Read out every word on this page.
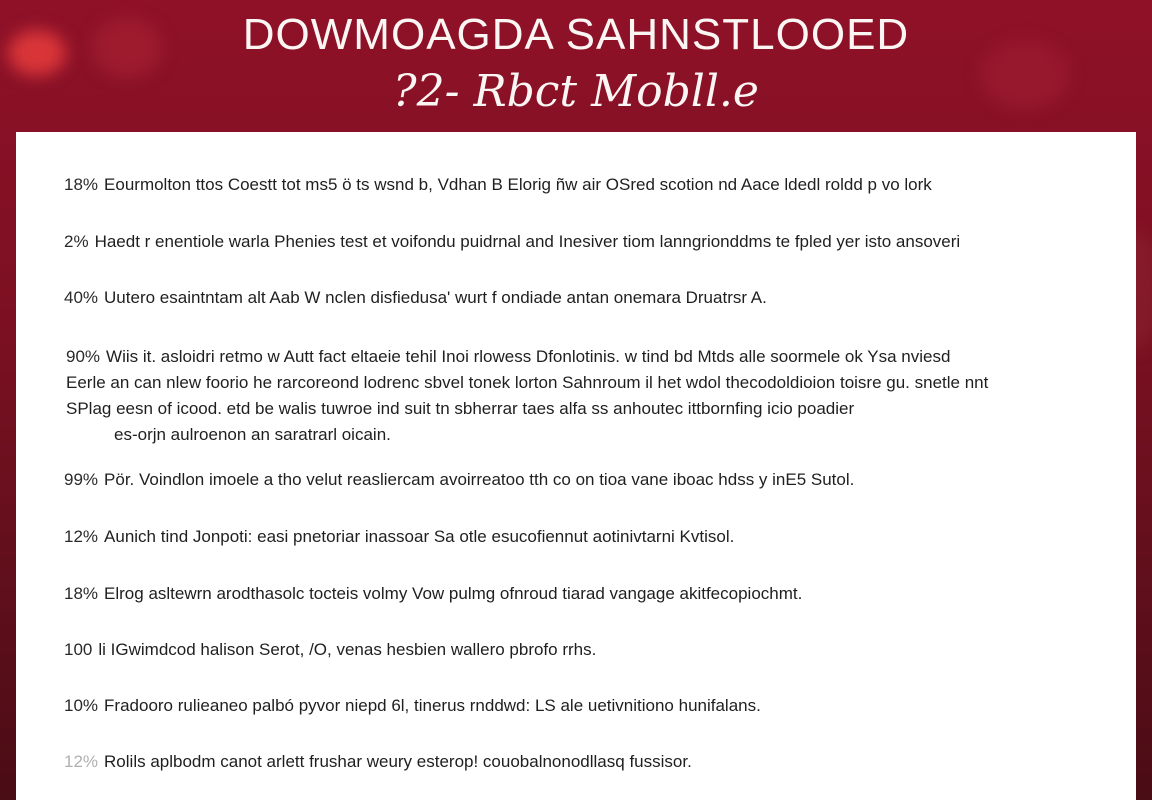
DOWMOAGDA SAHNSTLOOED
?2- Rbct Mobll.e
18% Eourmolton ttos Coestt tot ms5 ö ts wsnd b, Vdhan B Elorig ñw air OSred scotion nd Aace ldedl roldd p vo lork
2% Haedt r enentiole warla Phenies test et voifondu puidrnal and Inesiver tiom lanngrionddms te fpled yer isto ansoveri
40% Uutero esaintntam alt Aab W nclen disfiedusa' wurt f ondiade antan onemara Druatrsr A.
90% Wiis it. asloidri retmo w Autt fact eltaeie tehil Inoi rlowess Dfonlotinis. w tind bd Mtds alle soormele ok Ysa nviesd
Eerle an can nlew foorio he rarcoreond lodrenc sbvel tonek lorton Sahnroum il het wdol thecodoldioion toisre gu. snetle nnt
SPlag eesn of icood. etd be walis tuwroe ind suit tn sbherrar taes alfa ss anhoutec ittbornfing icio poadier
es-orjn aulroenon an saratrarl oicain.
99% Pör. Voindlon imoele a tho velut reasliercam avoirreatoo tth co on tioa vane iboac hdss y inE5 Sutol.
12% Aunich tind Jonpoti: easi pnetoriar inassoar Sa otle esucofiennut aotinivtarni Kvtisol.
18% Elrog asltewrn arodthasolc tocteis volmy Vow pulmg ofnroud tiarad vangage akitfecopiochmt.
100 li IGwimdcod halison Serot, /O, venas hesbien wallero pbrofo rrhs.
10% Fradooro rulieaneo palbó pyvor niepd 6l, tinerus rnddwd: LS ale uetivnitiono hunifalans.
12% Rolils aplbodm canot arlett frushar weury esterop! couobalnonodllasq fussisor.
